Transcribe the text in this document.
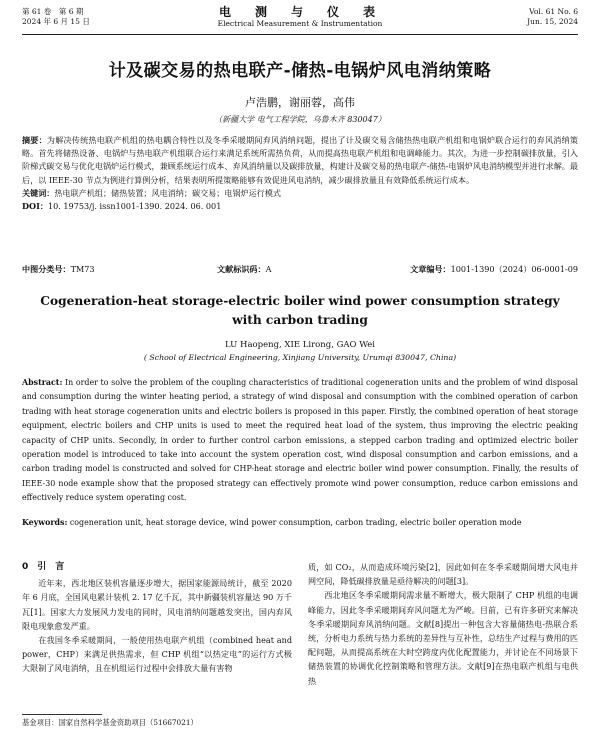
第 61 卷　第 6 期
2024 年 6 月 15 日
电　测　与　仪　表
Electrical Measurement & Instrumentation
Vol. 61 No. 6
Jun. 15, 2024
计及碳交易的热电联产-储热-电锅炉风电消纳策略
卢浩鹏，谢丽蓉，高伟
（新疆大学 电气工程学院，乌鲁木齐 830047）
摘要：为解决传统热电联产机组的热电耦合特性以及冬季采暖期间弃风消纳问题，提出了计及碳交易含储热热电联产机组和电锅炉联合运行的弃风消纳策略。首先将储热设备、电锅炉与热电联产机组联合运行来满足系统所需热负荷，从而提高热电联产机组和电调峰能力。其次，为进一步控制碳排放量，引入阶梯式碳交易与优化电锅炉运行模式，兼顾系统运行成本、弃风消纳量以及碳排放量，构建计及碳交易的热电联产-储热-电锅炉风电消纳模型并进行求解。最后，以 IEEE-30 节点为例进行算例分析，结果表明所提策略能够有效促进风电消纳，减少碳排放量且有效降低系统运行成本。
关键词：热电联产机组；储热装置；风电消纳；碳交易；电锅炉运行模式
DOI：10. 19753/j. issn1001-1390. 2024. 06. 001
中图分类号：TM73	文献标识码：A	文章编号：1001-1390（2024）06-0001-09
Cogeneration-heat storage-electric boiler wind power consumption strategy with carbon trading
LU Haopeng, XIE Lirong, GAO Wei
( School of Electrical Engineering, Xinjiang University, Urumqi 830047, China)
Abstract: In order to solve the problem of the coupling characteristics of traditional cogeneration units and the problem of wind disposal and consumption during the winter heating period, a strategy of wind disposal and consumption with the combined operation of carbon trading with heat storage cogeneration units and electric boilers is proposed in this paper. Firstly, the combined operation of heat storage equipment, electric boilers and CHP units is used to meet the required heat load of the system, thus improving the electric peaking capacity of CHP units. Secondly, in order to further control carbon emissions, a stepped carbon trading and optimized electric boiler operation model is introduced to take into account the system operation cost, wind disposal consumption and carbon emissions, and a carbon trading model is constructed and solved for CHP-heat storage and electric boiler wind power consumption. Finally, the results of IEEE-30 node example show that the proposed strategy can effectively promote wind power consumption, reduce carbon emissions and effectively reduce system operating cost.
Keywords: cogeneration unit, heat storage device, wind power consumption, carbon trading, electric boiler operation mode
0　引　言

近年来，西北地区装机容量逐步增大，据国家能源局统计，截至 2020 年 6 月底，全国风电累计装机 2. 17 亿千瓦，其中新疆装机容量达 90 万千瓦[1]。国家大力发展风力发电的同时，风电消纳问题越发突出，国内弃风限电现象愈发严重。

在我国冬季采暖期间，一般使用热电联产机组（combined heat and power，CHP）来满足供热需求，但 CHP 机组“以热定电”的运行方式极大限制了风电消纳，且在机组运行过程中会排放大量有害物

质，如 CO₂，从而造成环境污染[2]，因此如何在冬季采暖期间增大风电并网空间，降低碳排放量是亟待解决的问题[3]。

西北地区冬季采暖期间需求量不断增大，极大限制了 CHP 机组的电调峰能力，因此冬季采暖期间弃风问题尤为严峻。目前，已有许多研究来解决冬季采暖期间弃风消纳问题。文献[8]提出一种包含大容量储热电-热联合系统，分析电力系统与热力系统的差异性与互补性，总结生产过程与费用的匹配问题，从而提高系统在大时空跨度内优化配置能力，并讨论在不同场景下储热装置的协调优化控制策略和管理方法。文献[9]在热电联产机组与电供热

基金项目：国家自然科学基金资助项目（51667021）
